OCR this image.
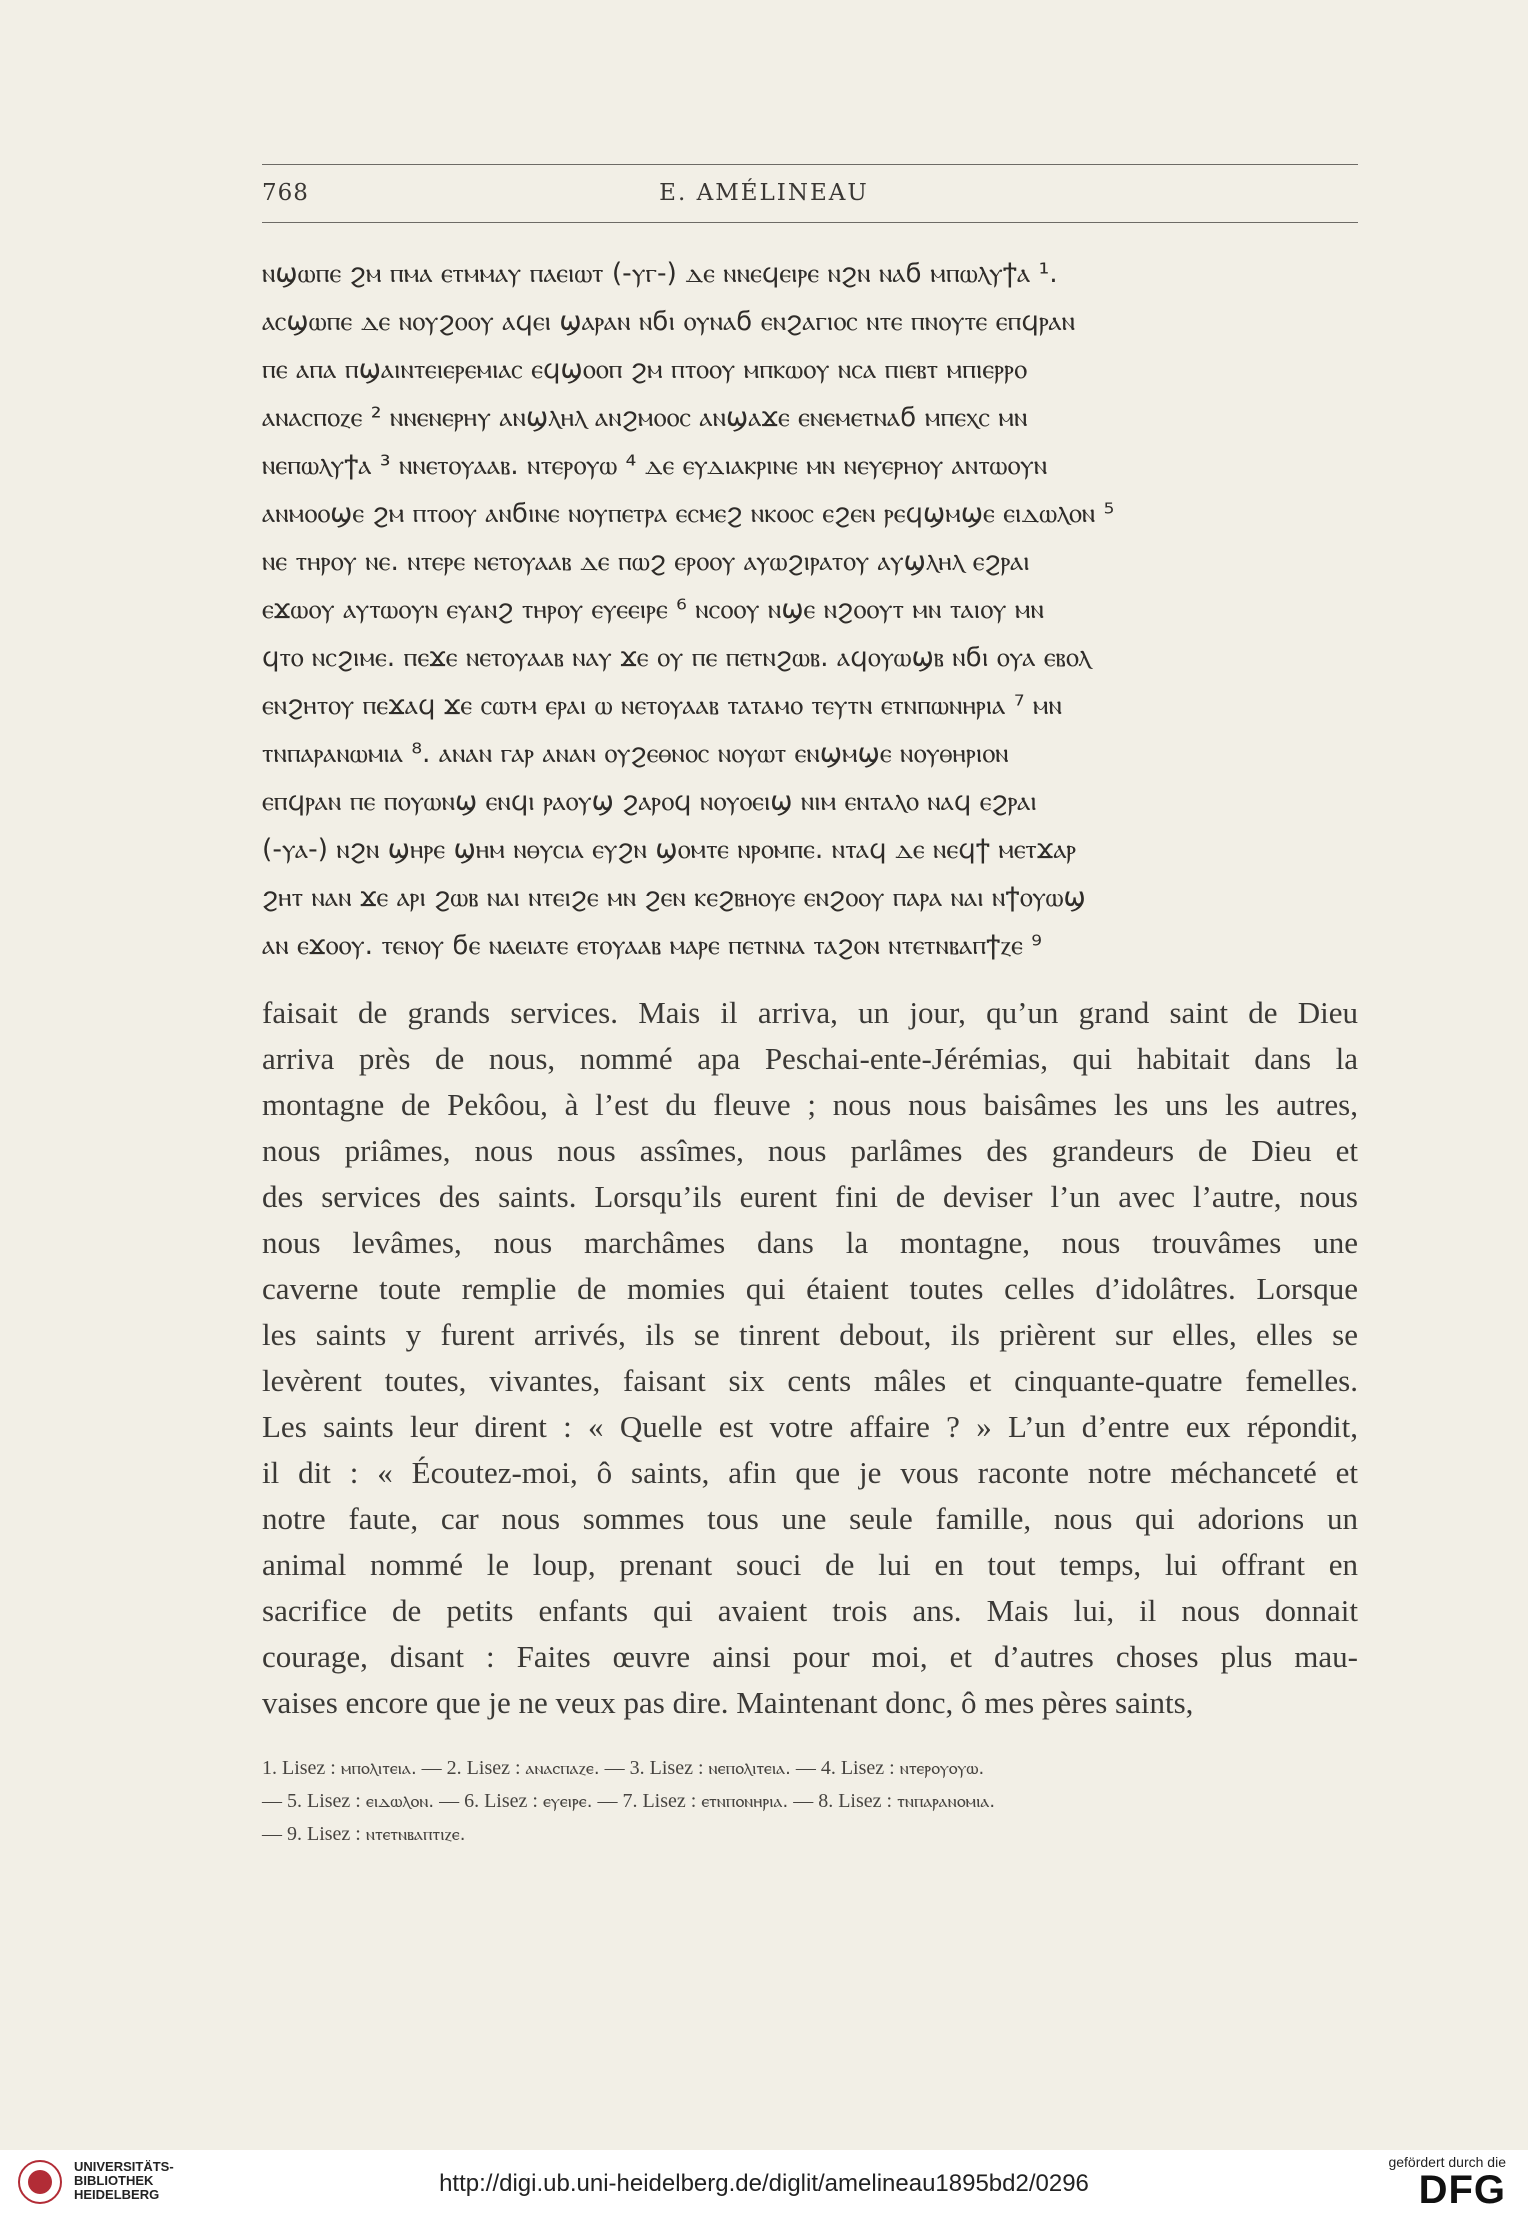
768	E. AMÉLINEAU
ⲛϣⲱⲡⲉ ϩⲙ ⲡⲙⲁ ⲉⲧⲙⲙⲁⲩ ⲡⲁⲉⲓⲱⲧ (-ⲩⲅ-) ⲇⲉ ⲛⲛⲉϥⲉⲓⲣⲉ ⲛϩⲛ ⲛⲁϭ ⲙⲡⲱⲗⲩϯⲁ ¹.
ⲁⲥϣⲱⲡⲉ ⲇⲉ ⲛⲟⲩϩⲟⲟⲩ ⲁϥⲉⲓ ϣⲁⲣⲁⲛ ⲛϭⲓ ⲟⲩⲛⲁϭ ⲉⲛϩⲁⲅⲓⲟⲥ ⲛⲧⲉ ⲡⲛⲟⲩⲧⲉ ⲉⲡϥⲣⲁⲛ
ⲡⲉ ⲁⲡⲁ ⲡϣⲁⲓⲛⲧⲉⲓⲉⲣⲉⲙⲓⲁⲥ ⲉϥϣⲟⲟⲡ ϩⲙ ⲡⲧⲟⲟⲩ ⲙⲡⲕⲱⲟⲩ ⲛⲥⲁ ⲡⲓⲉⲃⲧ ⲙⲡⲓⲉⲣⲣⲟ
ⲁⲛⲁⲥⲡⲟⲍⲉ ² ⲛⲛⲉⲛⲉⲣⲏⲩ ⲁⲛϣⲗⲏⲗ ⲁⲛϩⲙⲟⲟⲥ ⲁⲛϣⲁϫⲉ ⲉⲛⲉⲙⲉⲧⲛⲁϭ ⲙⲡⲉⲭⲥ ⲙⲛ
ⲛⲉⲡⲱⲗⲩϯⲁ ³ ⲛⲛⲉⲧⲟⲩⲁⲁⲃ. ⲛⲧⲉⲣⲟⲩⲱ ⁴ ⲇⲉ ⲉⲩⲇⲓⲁⲕⲣⲓⲛⲉ ⲙⲛ ⲛⲉⲩⲉⲣⲏⲟⲩ ⲁⲛⲧⲱⲟⲩⲛ
ⲁⲛⲙⲟⲟϣⲉ ϩⲙ ⲡⲧⲟⲟⲩ ⲁⲛϭⲓⲛⲉ ⲛⲟⲩⲡⲉⲧⲣⲁ ⲉⲥⲙⲉϩ ⲛⲕⲟⲟⲥ ⲉϩⲉⲛ ⲣⲉϥϣⲙϣⲉ ⲉⲓⲇⲱⲗⲟⲛ ⁵
ⲛⲉ ⲧⲏⲣⲟⲩ ⲛⲉ. ⲛⲧⲉⲣⲉ ⲛⲉⲧⲟⲩⲁⲁⲃ ⲇⲉ ⲡⲱϩ ⲉⲣⲟⲟⲩ ⲁⲩⲱϩⲓⲣⲁⲧⲟⲩ ⲁⲩϣⲗⲏⲗ ⲉϩⲣⲁⲓ
ⲉϫⲱⲟⲩ ⲁⲩⲧⲱⲟⲩⲛ ⲉⲩⲁⲛϩ ⲧⲏⲣⲟⲩ ⲉⲩⲉⲉⲓⲣⲉ ⁶ ⲛⲥⲟⲟⲩ ⲛϣⲉ ⲛϩⲟⲟⲩⲧ ⲙⲛ ⲧⲁⲓⲟⲩ ⲙⲛ
ϥⲧⲟ ⲛⲥϩⲓⲙⲉ. ⲡⲉϫⲉ ⲛⲉⲧⲟⲩⲁⲁⲃ ⲛⲁⲩ ϫⲉ ⲟⲩ ⲡⲉ ⲡⲉⲧⲛϩⲱⲃ. ⲁϥⲟⲩⲱϣⲃ ⲛϭⲓ ⲟⲩⲁ ⲉⲃⲟⲗ
ⲉⲛϩⲏⲧⲟⲩ ⲡⲉϫⲁϥ ϫⲉ ⲥⲱⲧⲙ ⲉⲣⲁⲓ ⲱ ⲛⲉⲧⲟⲩⲁⲁⲃ ⲧⲁⲧⲁⲙⲟ ⲧⲉⲩⲧⲛ ⲉⲧⲛⲡⲱⲛⲏⲣⲓⲁ ⁷ ⲙⲛ
ⲧⲛⲡⲁⲣⲁⲛⲱⲙⲓⲁ ⁸. ⲁⲛⲁⲛ ⲅⲁⲣ ⲁⲛⲁⲛ ⲟⲩϩⲉⲑⲛⲟⲥ ⲛⲟⲩⲱⲧ ⲉⲛϣⲙϣⲉ ⲛⲟⲩⲑⲏⲣⲓⲟⲛ
ⲉⲡϥⲣⲁⲛ ⲡⲉ ⲡⲟⲩⲱⲛϣ ⲉⲛϥⲓ ⲣⲁⲟⲩϣ ϩⲁⲣⲟϥ ⲛⲟⲩⲟⲉⲓϣ ⲛⲓⲙ ⲉⲛⲧⲁⲗⲟ ⲛⲁϥ ⲉϩⲣⲁⲓ
(-ⲩⲁ-) ⲛϩⲛ ϣⲏⲣⲉ ϣⲏⲙ ⲛⲑⲩⲥⲓⲁ ⲉⲩϩⲛ ϣⲟⲙⲧⲉ ⲛⲣⲟⲙⲡⲉ. ⲛⲧⲁϥ ⲇⲉ ⲛⲉϥϯ ⲙⲉⲧϫⲁⲣ
ϩⲏⲧ ⲛⲁⲛ ϫⲉ ⲁⲣⲓ ϩⲱⲃ ⲛⲁⲓ ⲛⲧⲉⲓϩⲉ ⲙⲛ ϩⲉⲛ ⲕⲉϩⲃⲏⲟⲩⲉ ⲉⲛϩⲟⲟⲩ ⲡⲁⲣⲁ ⲛⲁⲓ ⲛϯⲟⲩⲱϣ
ⲁⲛ ⲉϫⲟⲟⲩ. ⲧⲉⲛⲟⲩ ϭⲉ ⲛⲁⲉⲓⲁⲧⲉ ⲉⲧⲟⲩⲁⲁⲃ ⲙⲁⲣⲉ ⲡⲉⲧⲛⲛⲁ ⲧⲁϩⲟⲛ ⲛⲧⲉⲧⲛⲃⲁⲡϯⲍⲉ ⁹
faisait de grands services. Mais il arriva, un jour, qu’un grand saint de Dieu
arriva près de nous, nommé apa Peschai-ente-Jérémias, qui habitait dans la
montagne de Pekôou, à l’est du fleuve ; nous nous baisâmes les uns les autres,
nous priâmes, nous nous assîmes, nous parlâmes des grandeurs de Dieu et
des services des saints. Lorsqu’ils eurent fini de deviser l’un avec l’autre, nous
nous levâmes, nous marchâmes dans la montagne, nous trouvâmes une
caverne toute remplie de momies qui étaient toutes celles d’idolâtres. Lorsque
les saints y furent arrivés, ils se tinrent debout, ils prièrent sur elles, elles se
levèrent toutes, vivantes, faisant six cents mâles et cinquante-quatre femelles.
Les saints leur dirent : « Quelle est votre affaire ? » L’un d’entre eux répondit,
il dit : « Écoutez-moi, ô saints, afin que je vous raconte notre méchanceté et
notre faute, car nous sommes tous une seule famille, nous qui adorions un
animal nommé le loup, prenant souci de lui en tout temps, lui offrant en
sacrifice de petits enfants qui avaient trois ans. Mais lui, il nous donnait
courage, disant : Faites œuvre ainsi pour moi, et d’autres choses plus mau-
vaises encore que je ne veux pas dire. Maintenant donc, ô mes pères saints,
1. Lisez : ⲙⲡⲟⲗⲓⲧⲉⲓⲁ. — 2. Lisez : ⲁⲛⲁⲥⲡⲁⲍⲉ. — 3. Lisez : ⲛⲉⲡⲟⲗⲓⲧⲉⲓⲁ. — 4. Lisez : ⲛⲧⲉⲣⲟⲩⲟⲩⲱ.
— 5. Lisez : ⲉⲓⲇⲱⲗⲟⲛ. — 6. Lisez : ⲉⲩⲉⲓⲣⲉ. — 7. Lisez : ⲉⲧⲛⲡⲟⲛⲏⲣⲓⲁ. — 8. Lisez : ⲧⲛⲡⲁⲣⲁⲛⲟⲙⲓⲁ.
— 9. Lisez : ⲛⲧⲉⲧⲛⲃⲁⲡⲧⲓⲍⲉ.
UNIVERSITÄTS-
BIBLIOTHEK
HEIDELBERG	http://digi.ub.uni-heidelberg.de/diglit/amelineau1895bd2/0296
gefördert durch die
DFG
